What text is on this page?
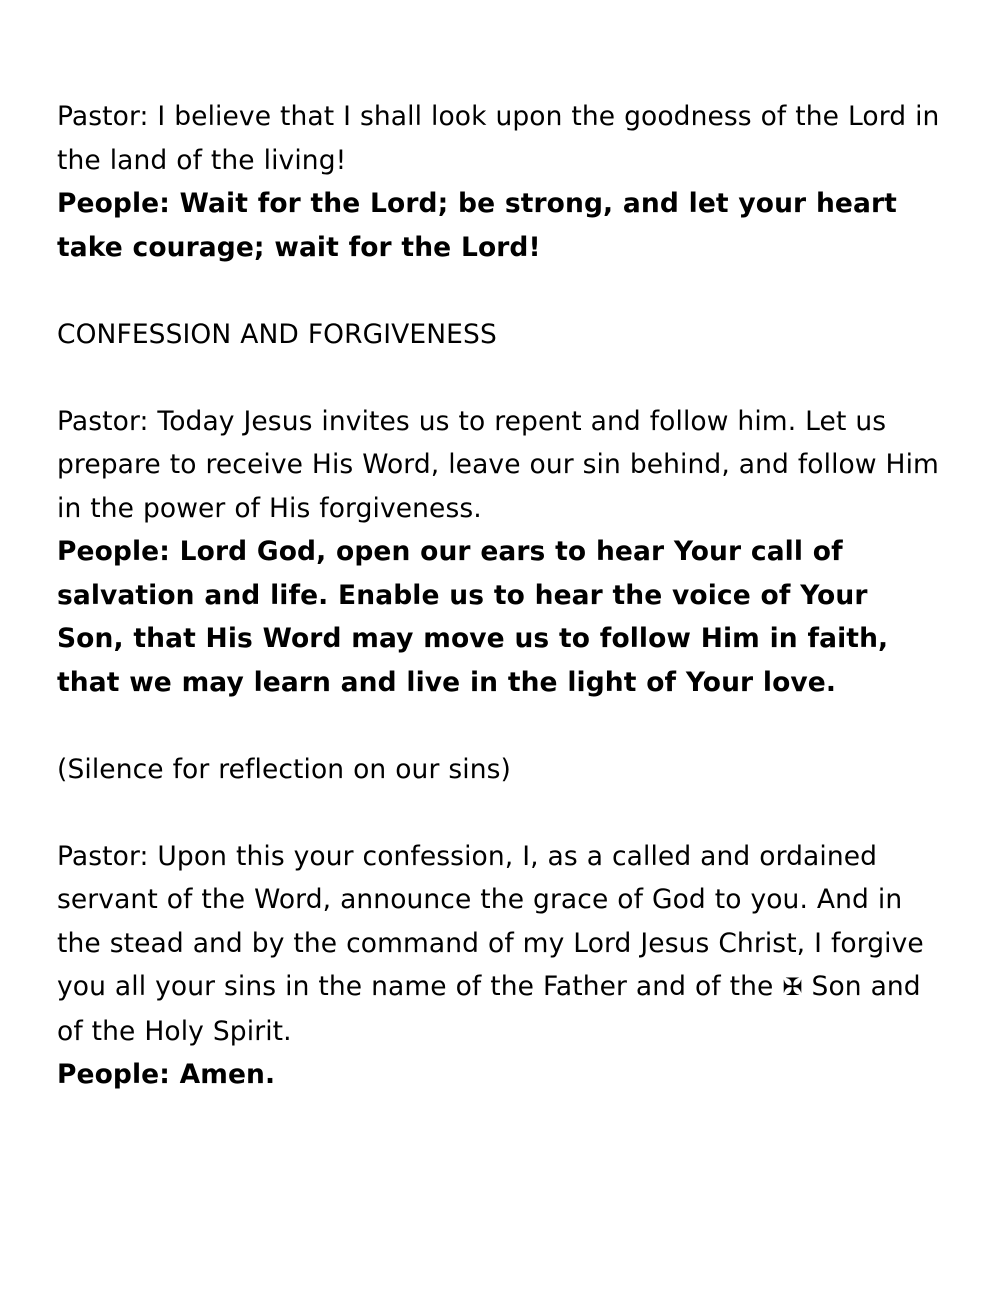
Pastor: I believe that I shall look upon the goodness of the Lord in the land of the living!

People: Wait for the Lord; be strong, and let your heart take courage; wait for the Lord!

CONFESSION AND FORGIVENESS

Pastor: Today Jesus invites us to repent and follow him. Let us prepare to receive His Word, leave our sin behind, and follow Him in the power of His forgiveness.

People: Lord God, open our ears to hear Your call of salvation and life. Enable us to hear the voice of Your Son, that His Word may move us to follow Him in faith, that we may learn and live in the light of Your love.

(Silence for reflection on our sins)

Pastor: Upon this your confession, I, as a called and ordained servant of the Word, announce the grace of God to you. And in the stead and by the command of my Lord Jesus Christ, I forgive you all your sins in the name of the Father and of the ✠ Son and of the Holy Spirit.

People: Amen.
